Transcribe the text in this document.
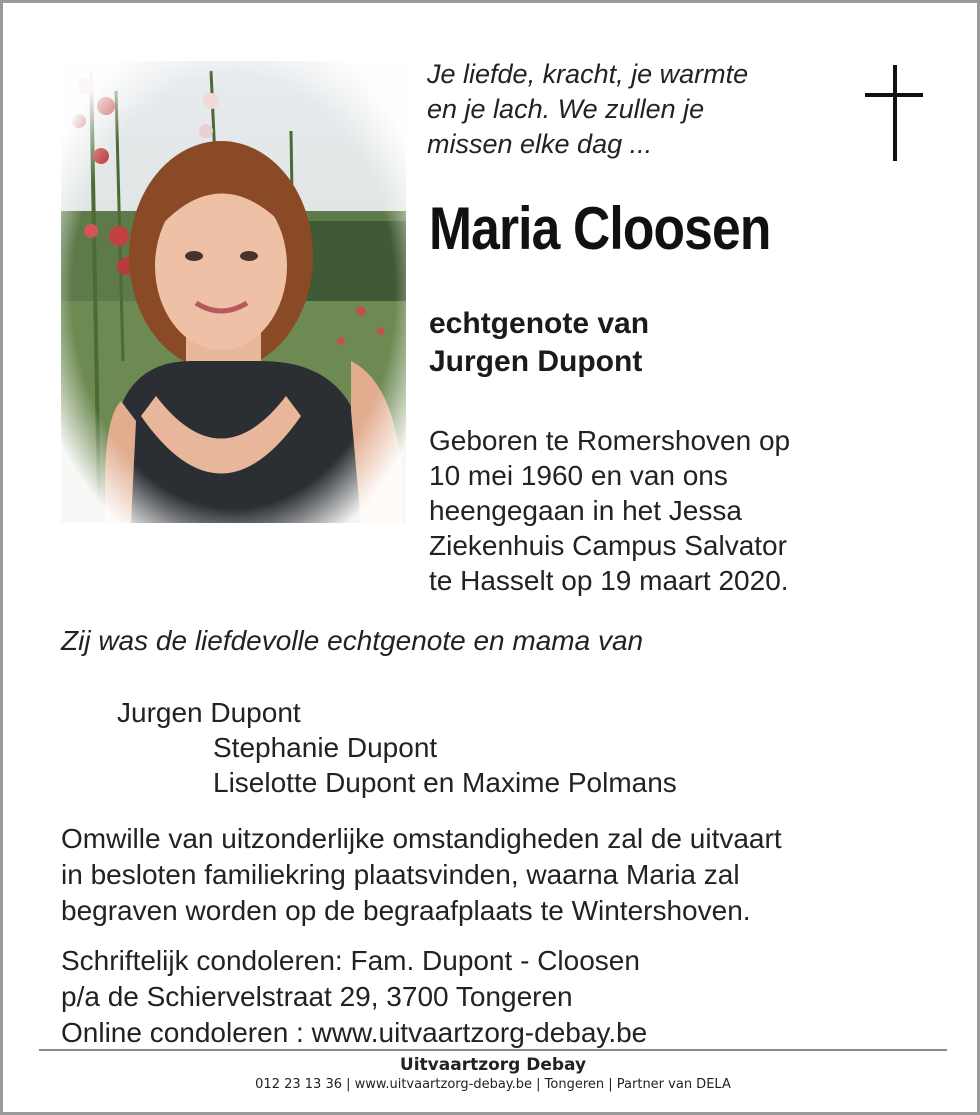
Je liefde, kracht, je warmte
en je lach. We zullen je
missen elke dag ...
Maria Cloosen
echtgenote van
Jurgen Dupont
Geboren te Romershoven op
10 mei 1960 en van ons
heengegaan in het Jessa
Ziekenhuis Campus Salvator
te Hasselt op 19 maart 2020.
Zij was de liefdevolle echtgenote en mama van
Jurgen Dupont
Stephanie Dupont
Liselotte Dupont en Maxime Polmans
Omwille van uitzonderlijke omstandigheden zal de uitvaart
in besloten familiekring plaatsvinden, waarna Maria zal
begraven worden op de begraafplaats te Wintershoven.
Schriftelijk condoleren: Fam. Dupont - Cloosen
p/a de Schiervelstraat 29, 3700 Tongeren
Online condoleren : www.uitvaartzorg-debay.be
Uitvaartzorg Debay
012 23 13 36 | www.uitvaartzorg-debay.be | Tongeren | Partner van DELA
